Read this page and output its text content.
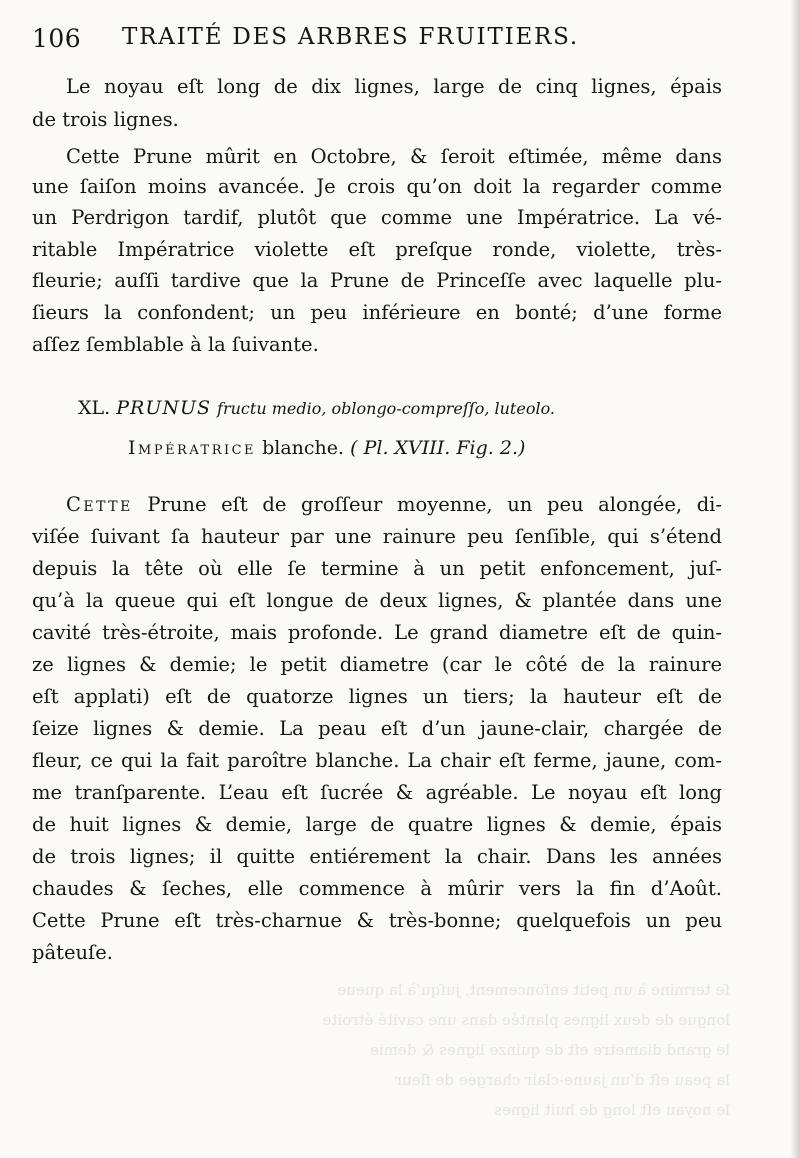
ſe termine à un petit enfoncement, juſqu’à la queue
longue de deux lignes plantée dans une cavité étroite
le grand diametre eſt de quinze lignes & demie
la peau eſt d’un jaune-clair chargée de fleur
le noyau eſt long de huit lignes
106 TRAITÉ DES ARBRES FRUITIERS.
Le noyau eſt long de dix lignes, large de cinq lignes, épais
de trois lignes.
Cette Prune mûrit en Octobre, & ſeroit eſtimée, même dans
une ſaiſon moins avancée. Je crois qu’on doit la regarder comme
un Perdrigon tardif, plutôt que comme une Impératrice. La vé-
ritable Impératrice violette eſt preſque ronde, violette, très-
fleurie; auſſi tardive que la Prune de Princeſſe avec laquelle plu-
ſieurs la confondent; un peu inférieure en bonté; d’une forme
aſſez ſemblable à la ſuivante.
XL. PRUNUS fructu medio, oblongo-compreſſo, luteolo.
Impératrice blanche. ( Pl. XVIII. Fig. 2.)
Cette Prune eſt de groſſeur moyenne, un peu alongée, di-
viſée ſuivant ſa hauteur par une rainure peu ſenſible, qui s’étend
depuis la tête où elle ſe termine à un petit enfoncement, juſ-
qu’à la queue qui eſt longue de deux lignes, & plantée dans une
cavité très-étroite, mais profonde. Le grand diametre eſt de quin-
ze lignes & demie; le petit diametre (car le côté de la rainure
eſt applati) eſt de quatorze lignes un tiers; la hauteur eſt de
ſeize lignes & demie. La peau eſt d’un jaune-clair, chargée de
fleur, ce qui la fait paroître blanche. La chair eſt ferme, jaune, com-
me tranſparente. L’eau eſt ſucrée & agréable. Le noyau eſt long
de huit lignes & demie, large de quatre lignes & demie, épais
de trois lignes; il quitte entiérement la chair. Dans les années
chaudes & ſeches, elle commence à mûrir vers la fin d’Août.
Cette Prune eſt très-charnue & très-bonne; quelquefois un peu
pâteuſe.
